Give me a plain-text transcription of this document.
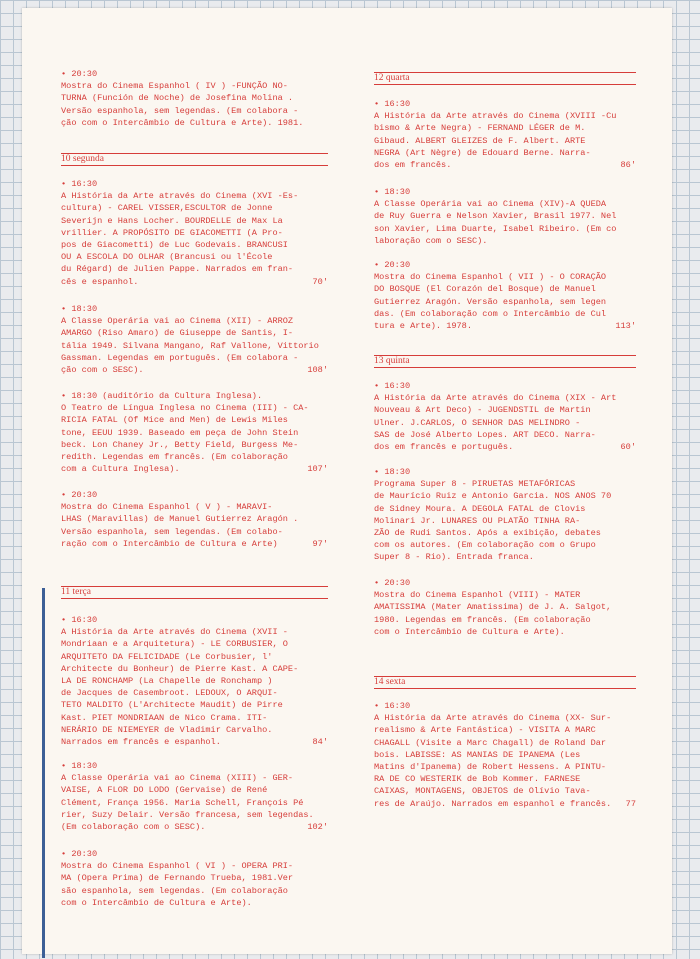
• 20:30
Mostra do Cinema Espanhol ( IV ) -FUNÇÃO NO-
TURNA (Función de Noche) de Josefina Molina .
Versão espanhola, sem legendas. (Em colabora -
ção com o Intercâmbio de Cultura e Arte). 1981.

10 segunda

• 16:30
A História da Arte através do Cinema (XVI -Es-
cultura) - CAREL VISSER,ESCULTOR de Jonne
Severijn e Hans Locher. BOURDELLE de Max La
vrillier. A PROPÓSITO DE GIACOMETTI (A Pro-
pos de Giacometti) de Luc Godevais. BRANCUSI
OU A ESCOLA DO OLHAR (Brancusi ou l'École
du Régard) de Julien Pappe. Narrados em fran-
cês e espanhol.	70'

• 18:30
A Classe Operária vai ao Cinema (XII) - ARROZ
AMARGO (Riso Amaro) de Giuseppe de Santis, I-
tália 1949. Silvana Mangano, Raf Vallone, Vittorio
Gassman. Legendas em português. (Em colabora -
ção com o SESC).	108'

• 18:30 (auditório da Cultura Inglesa).
O Teatro de Língua Inglesa no Cinema (III) - CA-
RICIA FATAL (Of Mice and Men) de Lewis Miles
tone, EEUU 1939. Baseado em peça de John Stein
beck. Lon Chaney Jr., Betty Field, Burgess Me-
redith. Legendas em francês. (Em colaboração
com a Cultura Inglesa).	107'

• 20:30
Mostra do Cinema Espanhol ( V ) - MARAVI-
LHAS (Maravillas) de Manuel Gutierrez Aragón .
Versão espanhola, sem legendas. (Em colabo-
ração com o Intercâmbio de Cultura e Arte)	97'
11 terça

• 16:30
A História da Arte através do Cinema (XVII -
Mondriaan e a Arquitetura) - LE CORBUSIER, O
ARQUITETO DA FELICIDADE (Le Corbusier, l'
Architecte du Bonheur) de Pierre Kast. A CAPE-
LA DE RONCHAMP (La Chapelle de Ronchamp )
de Jacques de Casembroot. LEDOUX, O ARQUI-
TETO MALDITO (L'Architecte Maudit) de Pirre
Kast. PIET MONDRIAAN de Nico Crama. ITI-
NERÁRIO DE NIEMEYER de Vladimir Carvalho.
Narrados em francês e espanhol.	84'

• 18:30
A Classe Operária vai ao Cinema (XIII) - GER-
VAISE, A FLOR DO LODO (Gervaise) de René
Clément, França 1956. Maria Schell, François Pé
rier, Suzy Delair. Versão francesa, sem legendas.
(Em colaboração com o SESC).	102'

• 20:30
Mostra do Cinema Espanhol ( VI ) - OPERA PRI-
MA (Opera Prima) de Fernando Trueba, 1981.Ver
são espanhola, sem legendas. (Em colaboração
com o Intercâmbio de Cultura e Arte).

12 quarta

• 16:30
A História da Arte através do Cinema (XVIII -Cu
bismo & Arte Negra) - FERNAND LÉGER de M.
Gibaud. ALBERT GLEIZES de F. Albert. ARTE
NEGRA (Art Nègre) de Edouard Berne. Narra-
dos em francês.	86'

• 18:30
A Classe Operária vai ao Cinema (XIV)-A QUEDA
de Ruy Guerra e Nelson Xavier, Brasil 1977. Nel
son Xavier, Lima Duarte, Isabel Ribeiro. (Em co
laboração com o SESC).

• 20:30
Mostra do Cinema Espanhol ( VII ) - O CORAÇÃO
DO BOSQUE (El Corazón del Bosque) de Manuel
Gutierrez Aragón. Versão espanhola, sem legen
das. (Em colaboração com o Intercâmbio de Cul
tura e Arte). 1978.	113'
13 quinta

• 16:30
A História da Arte através do Cinema (XIX - Art
Nouveau & Art Deco) - JUGENDSTIL de Martin
Ulner. J.CARLOS, O SENHOR DAS MELINDRO -
SAS de José Alberto Lopes. ART DECO. Narra-
dos em francês e português.	60'

• 18:30
Programa Super 8 - PIRUETAS METAFÓRICAS
de Maurício Ruiz e Antonio Garcia. NOS ANOS 70
de Sidney Moura. A DEGOLA FATAL de Clovis
Molinari Jr. LUNARES OU PLATÃO TINHA RA-
ZÃO de Rudi Santos. Após a exibição, debates
com os autores. (Em colaboração com o Grupo
Super 8 - Rio). Entrada franca.

• 20:30
Mostra do Cinema Espanhol (VIII) - MATER
AMATISSIMA (Mater Amatissima) de J. A. Salgot,
1980. Legendas em francês. (Em colaboração
com o Intercâmbio de Cultura e Arte).

14 sexta

• 16:30
A História da Arte através do Cinema (XX- Sur-
realismo & Arte Fantástica) - VISITA A MARC
CHAGALL (Visite a Marc Chagall) de Roland Dar
bois. LABISSE: AS MANIAS DE IPANEMA (Les
Matins d'Ipanema) de Robert Hessens. A PINTU-
RA DE CO WESTERIK de Bob Kommer. FARNESE
CAIXAS, MONTAGENS, OBJETOS de Olívio Tava-
res de Araújo. Narrados em espanhol e francês.	77
